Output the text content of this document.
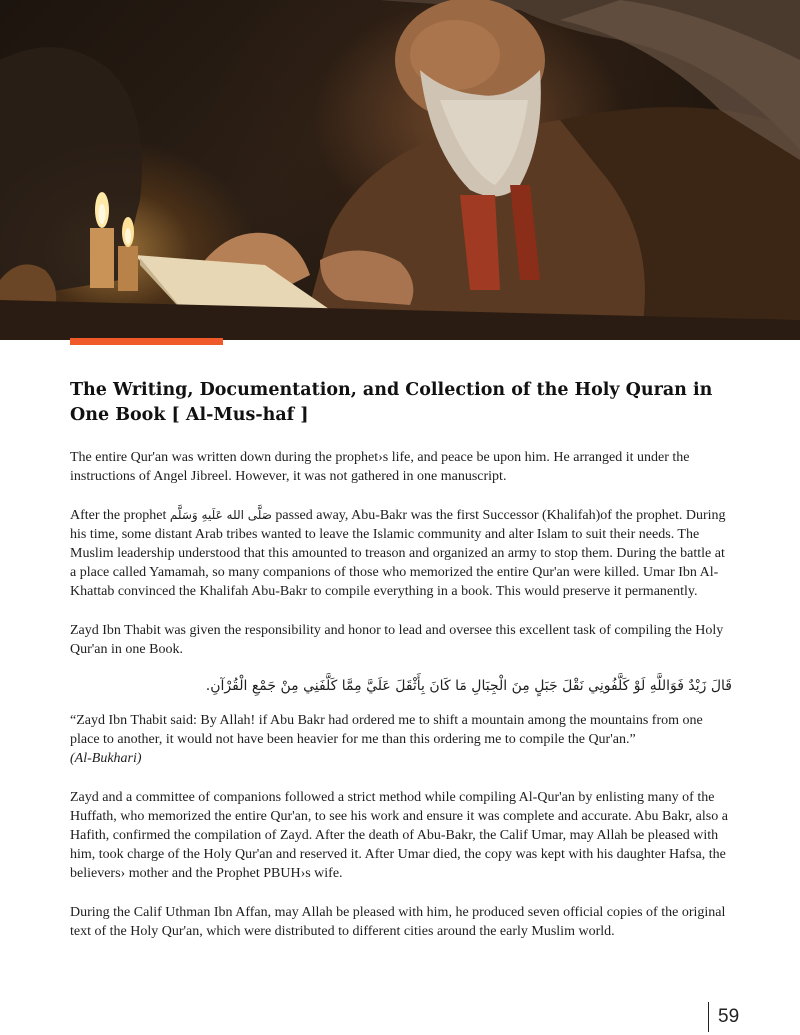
The Writing, Documentation, and Collection of the Holy Quran in
One Book [ Al-Mus-haf ]

The entire Qur'an was written down during the prophet›s life, and peace be upon him. He arranged it under the instructions of Angel Jibreel. However, it was not gathered in one manuscript.

After the prophet صَلَّى الله عَلَيهِ وَسَلَّم passed away, Abu-Bakr was the first Successor (Khalifah)of the prophet. During his time, some distant Arab tribes wanted to leave the Islamic community and alter Islam to suit their needs. The Muslim leadership understood that this amounted to treason and organized an army to stop them. During the battle at a place called Yamamah, so many companions of those who memorized the entire Qur'an were killed. Umar Ibn Al-Khattab convinced the Khalifah Abu-Bakr to compile everything in a book. This would preserve it permanently.

Zayd Ibn Thabit was given the responsibility and honor to lead and oversee this excellent task of compiling the Holy Qur'an in one Book.

قَالَ زَيْدٌ فَوَاللَّهِ لَوْ كَلَّفُونِي نَقْلَ جَبَلٍ مِنَ الْجِبَالِ مَا كَانَ بِأَثْقَلَ عَلَيَّ مِمَّا كَلَّفَنِي مِنْ جَمْعِ الْقُرْآنِ.

“Zayd Ibn Thabit said: By Allah! if Abu Bakr had ordered me to shift a mountain among the mountains from one place to another, it would not have been heavier for me than this ordering me to compile the Qur'an.”
(Al-Bukhari)

Zayd and a committee of companions followed a strict method while compiling Al-Qur'an by enlisting many of the Huffath, who memorized the entire Qur'an, to see his work and ensure it was complete and accurate. Abu Bakr, also a Hafith, confirmed the compilation of Zayd. After the death of Abu-Bakr, the Calif Umar, may Allah be pleased with him, took charge of the Holy Qur'an and reserved it. After Umar died, the copy was kept with his daughter Hafsa, the believers› mother and the Prophet PBUH›s wife.

During the Calif Uthman Ibn Affan, may Allah be pleased with him, he produced seven official copies of the original text of the Holy Qur'an, which were distributed to different cities around the early Muslim world.

59
